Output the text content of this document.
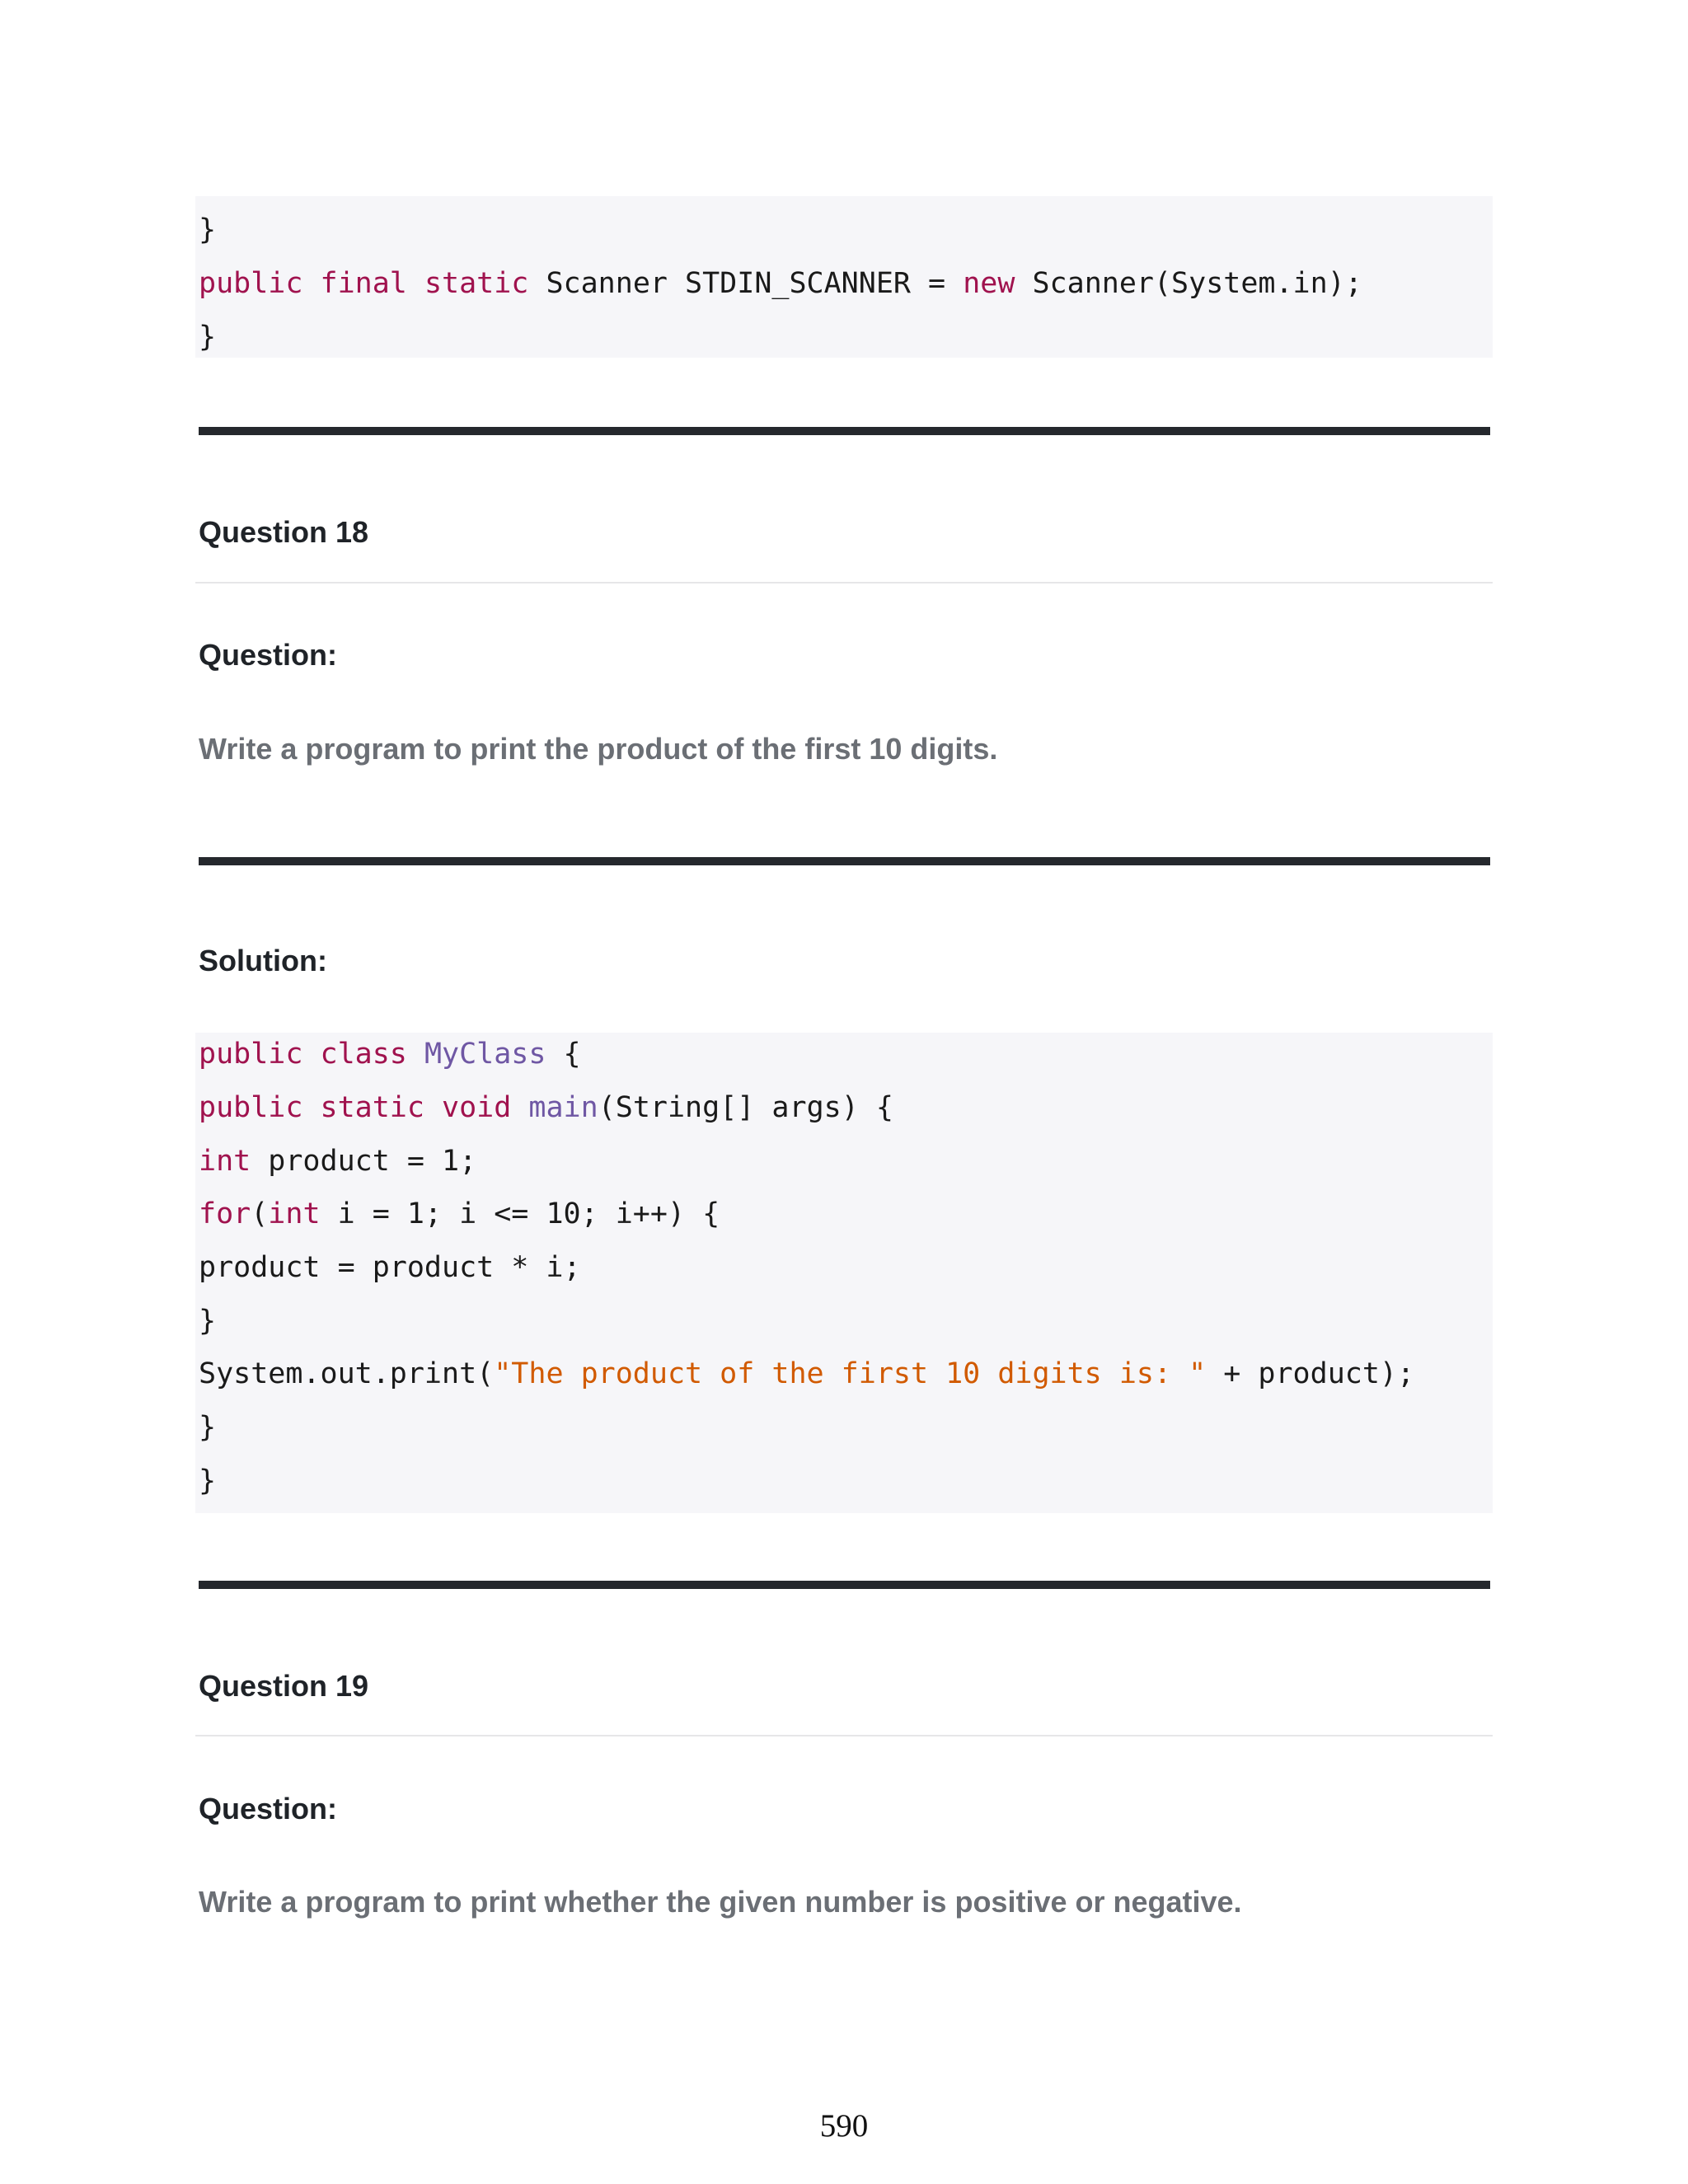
}
public final static Scanner STDIN_SCANNER = new Scanner(System.in);
}
Question 18
Question:
Write a program to print the product of the first 10 digits.
Solution:
public class MyClass {
public static void main(String[] args) {
int product = 1;
for(int i = 1; i <= 10; i++) {
product = product * i;
}
System.out.print("The product of the first 10 digits is: " + product);
}
}
Question 19
Question:
Write a program to print whether the given number is positive or negative.
590
